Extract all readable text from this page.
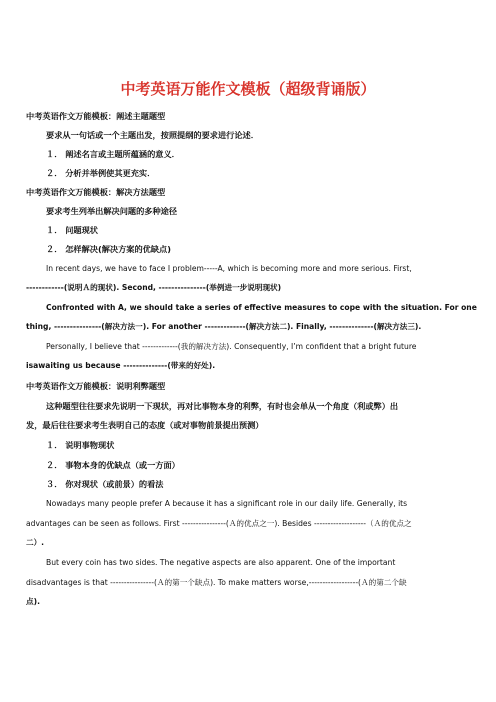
中考英语万能作文模板（超级背诵版）
中考英语作文万能模板：阐述主题题型
要求从一句话或一个主题出发，按照提纲的要求进行论述．
１． 阐述名言或主题所蕴涵的意义．
２． 分析并举例使其更充实．
中考英语作文万能模板：解决方法题型
要求考生列举出解决问题的多种途径
１． 问题现状
２． 怎样解决(解决方案的优缺点)
In recent days, we have to face I problem-----A, which is becoming more and more serious. First,
------------(说明Ａ的现状). Second, ---------------(举例进一步说明现状)
Confronted with A, we should take a series of effective measures to cope with the situation. For one
thing, ---------------(解决方法一). For another -------------(解决方法二). Finally, --------------(解决方法三).
Personally, I believe that -------------(我的解决方法). Consequently, I’m confident that a bright future
isawaiting us because --------------(带来的好处).
中考英语作文万能模板：说明利弊题型
这种题型往往要求先说明一下现状，再对比事物本身的利弊，有时也会单从一个角度（利或弊）出
发，最后往往要求考生表明自己的态度（或对事物前景提出预测）
１． 说明事物现状
２． 事物本身的优缺点（或一方面）
３． 你对现状（或前景）的看法
Nowadays many people prefer A because it has a significant role in our daily life. Generally, its
advantages can be seen as follows. First ----------------(Ａ的优点之一). Besides -------------------（Ａ的优点之
二）.
But every coin has two sides. The negative aspects are also apparent. One of the important
disadvantages is that ----------------(Ａ的第一个缺点). To make matters worse,------------------(Ａ的第二个缺
点).
